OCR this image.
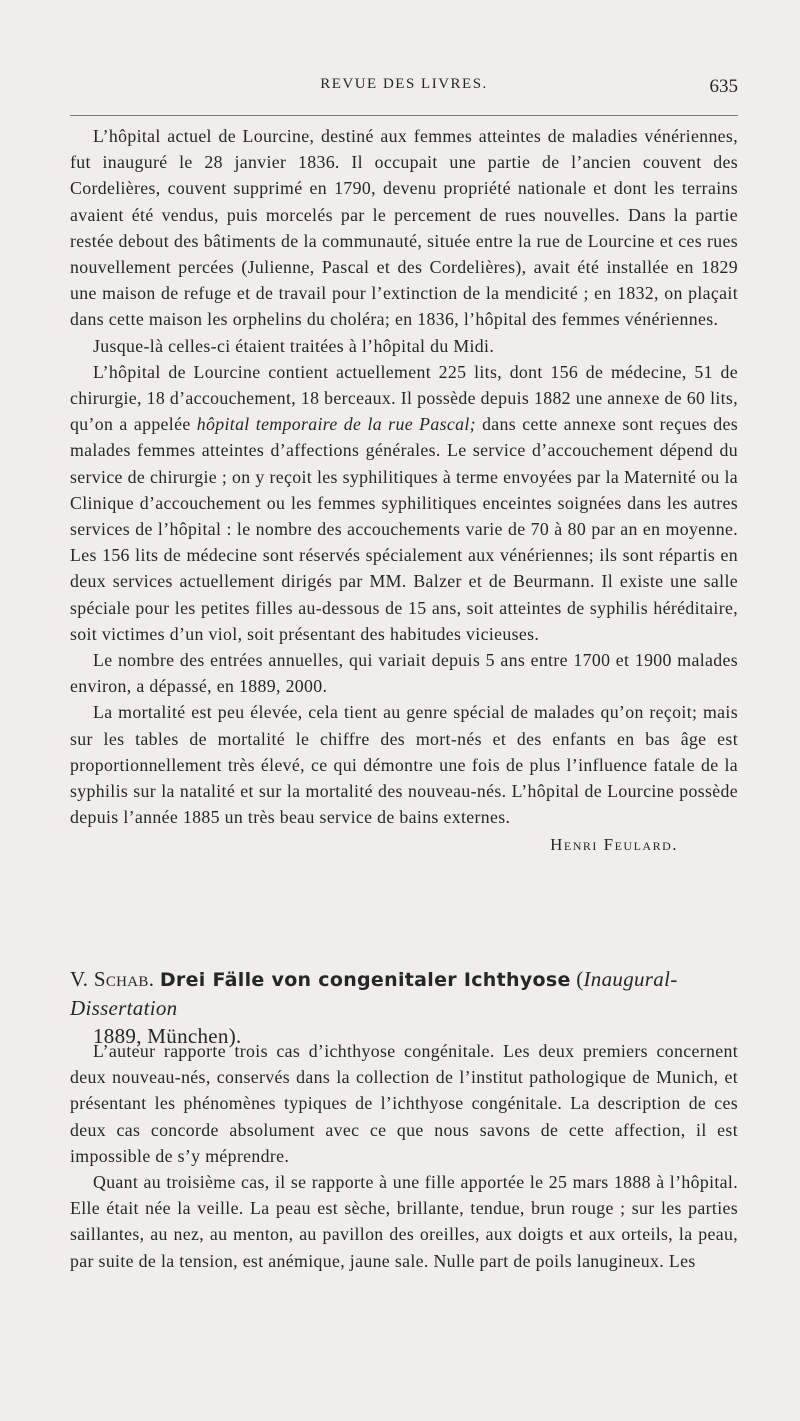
REVUE DES LIVRES.	635

L’hôpital actuel de Lourcine, destiné aux femmes atteintes de maladies vénériennes, fut inauguré le 28 janvier 1836. Il occupait une partie de l’ancien couvent des Cordelières, couvent supprimé en 1790, devenu propriété nationale et dont les terrains avaient été vendus, puis morcelés par le percement de rues nouvelles. Dans la partie restée debout des bâtiments de la communauté, située entre la rue de Lourcine et ces rues nouvellement percées (Julienne, Pascal et des Cordelières), avait été installée en 1829 une maison de refuge et de travail pour l’extinction de la mendicité ; en 1832, on plaçait dans cette maison les orphelins du choléra; en 1836, l’hôpital des femmes vénériennes.

Jusque-là celles-ci étaient traitées à l’hôpital du Midi.

L’hôpital de Lourcine contient actuellement 225 lits, dont 156 de médecine, 51 de chirurgie, 18 d’accouchement, 18 berceaux. Il possède depuis 1882 une annexe de 60 lits, qu’on a appelée hôpital temporaire de la rue Pascal; dans cette annexe sont reçues des malades femmes atteintes d’affections générales. Le service d’accouchement dépend du service de chirurgie ; on y reçoit les syphilitiques à terme envoyées par la Maternité ou la Clinique d’accouchement ou les femmes syphilitiques enceintes soignées dans les autres services de l’hôpital : le nombre des accouchements varie de 70 à 80 par an en moyenne. Les 156 lits de médecine sont réservés spécialement aux vénériennes; ils sont répartis en deux services actuellement dirigés par MM. Balzer et de Beurmann. Il existe une salle spéciale pour les petites filles au-dessous de 15 ans, soit atteintes de syphilis héréditaire, soit victimes d’un viol, soit présentant des habitudes vicieuses.

Le nombre des entrées annuelles, qui variait depuis 5 ans entre 1700 et 1900 malades environ, a dépassé, en 1889, 2000.

La mortalité est peu élevée, cela tient au genre spécial de malades qu’on reçoit; mais sur les tables de mortalité le chiffre des mort-nés et des enfants en bas âge est proportionnellement très élevé, ce qui démontre une fois de plus l’influence fatale de la syphilis sur la natalité et sur la mortalité des nouveau-nés. L’hôpital de Lourcine possède depuis l’année 1885 un très beau service de bains externes.

Henri Feulard.
V. Schab. Drei Fälle von congenitaler Ichthyose (Inaugural-Dissertation
1889, München).

L’auteur rapporte trois cas d’ichthyose congénitale. Les deux premiers concernent deux nouveau-nés, conservés dans la collection de l’institut pathologique de Munich, et présentant les phénomènes typiques de l’ichthyose congénitale. La description de ces deux cas concorde absolument avec ce que nous savons de cette affection, il est impossible de s’y méprendre.

Quant au troisième cas, il se rapporte à une fille apportée le 25 mars 1888 à l’hôpital. Elle était née la veille. La peau est sèche, brillante, tendue, brun rouge ; sur les parties saillantes, au nez, au menton, au pavillon des oreilles, aux doigts et aux orteils, la peau, par suite de la tension, est anémique, jaune sale. Nulle part de poils lanugineux. Les
